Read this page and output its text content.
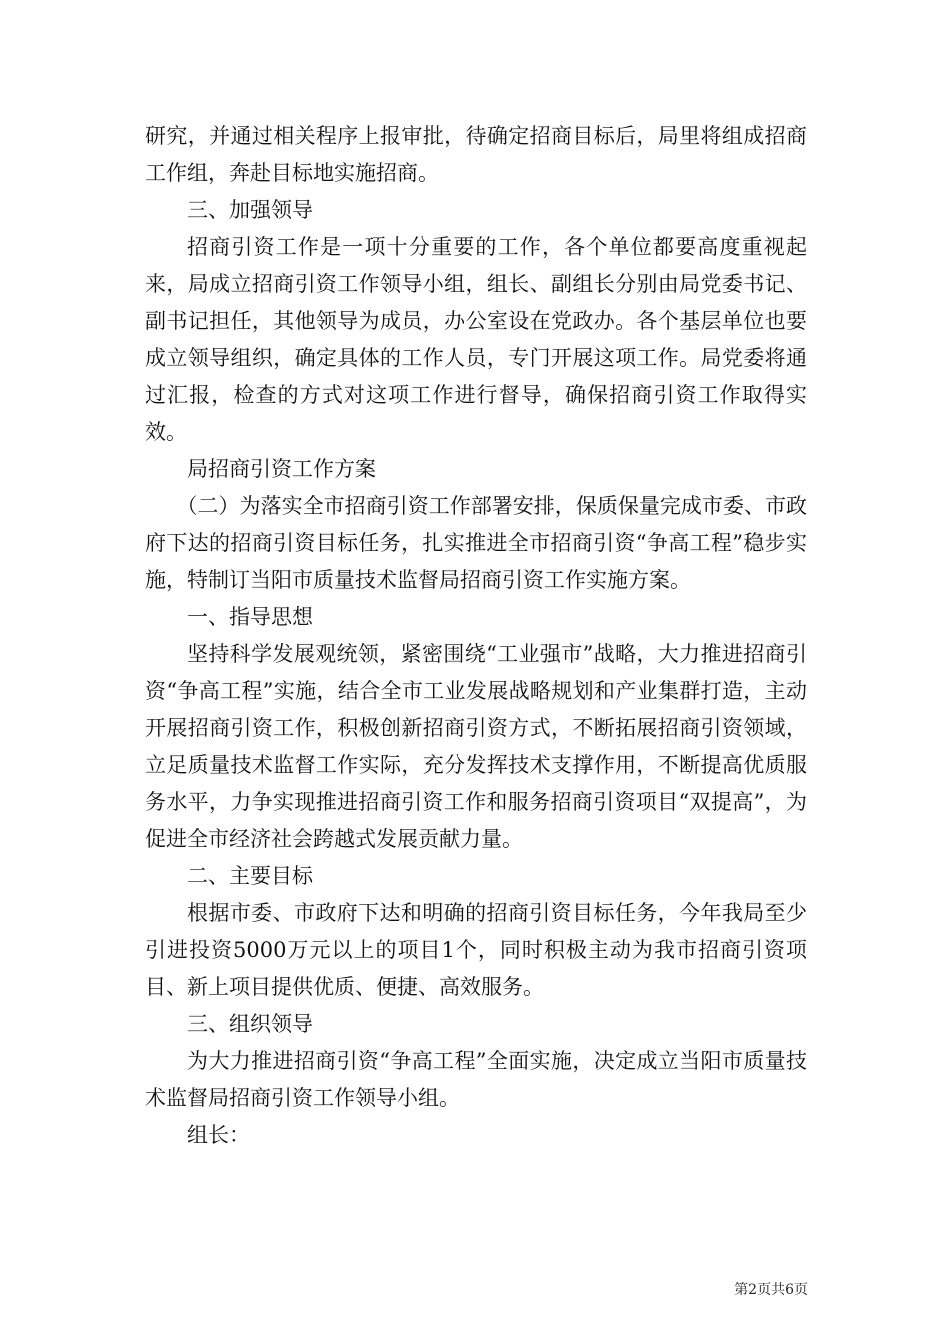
研究，并通过相关程序上报审批，待确定招商目标后，局里将组成招商工作组，奔赴目标地实施招商。

三、加强领导

招商引资工作是一项十分重要的工作，各个单位都要高度重视起来，局成立招商引资工作领导小组，组长、副组长分别由局党委书记、副书记担任，其他领导为成员，办公室设在党政办。各个基层单位也要成立领导组织，确定具体的工作人员，专门开展这项工作。局党委将通过汇报，检查的方式对这项工作进行督导，确保招商引资工作取得实效。

局招商引资工作方案

（二）为落实全市招商引资工作部署安排，保质保量完成市委、市政府下达的招商引资目标任务，扎实推进全市招商引资“争高工程”稳步实施，特制订当阳市质量技术监督局招商引资工作实施方案。

一、指导思想

坚持科学发展观统领，紧密围绕“工业强市”战略，大力推进招商引资“争高工程”实施，结合全市工业发展战略规划和产业集群打造，主动开展招商引资工作，积极创新招商引资方式，不断拓展招商引资领域，立足质量技术监督工作实际，充分发挥技术支撑作用，不断提高优质服务水平，力争实现推进招商引资工作和服务招商引资项目“双提高”，为促进全市经济社会跨越式发展贡献力量。

二、主要目标

根据市委、市政府下达和明确的招商引资目标任务，今年我局至少引进投资5000万元以上的项目1个，同时积极主动为我市招商引资项目、新上项目提供优质、便捷、高效服务。

三、组织领导

为大力推进招商引资“争高工程”全面实施，决定成立当阳市质量技术监督局招商引资工作领导小组。

组长：

第2页共6页
